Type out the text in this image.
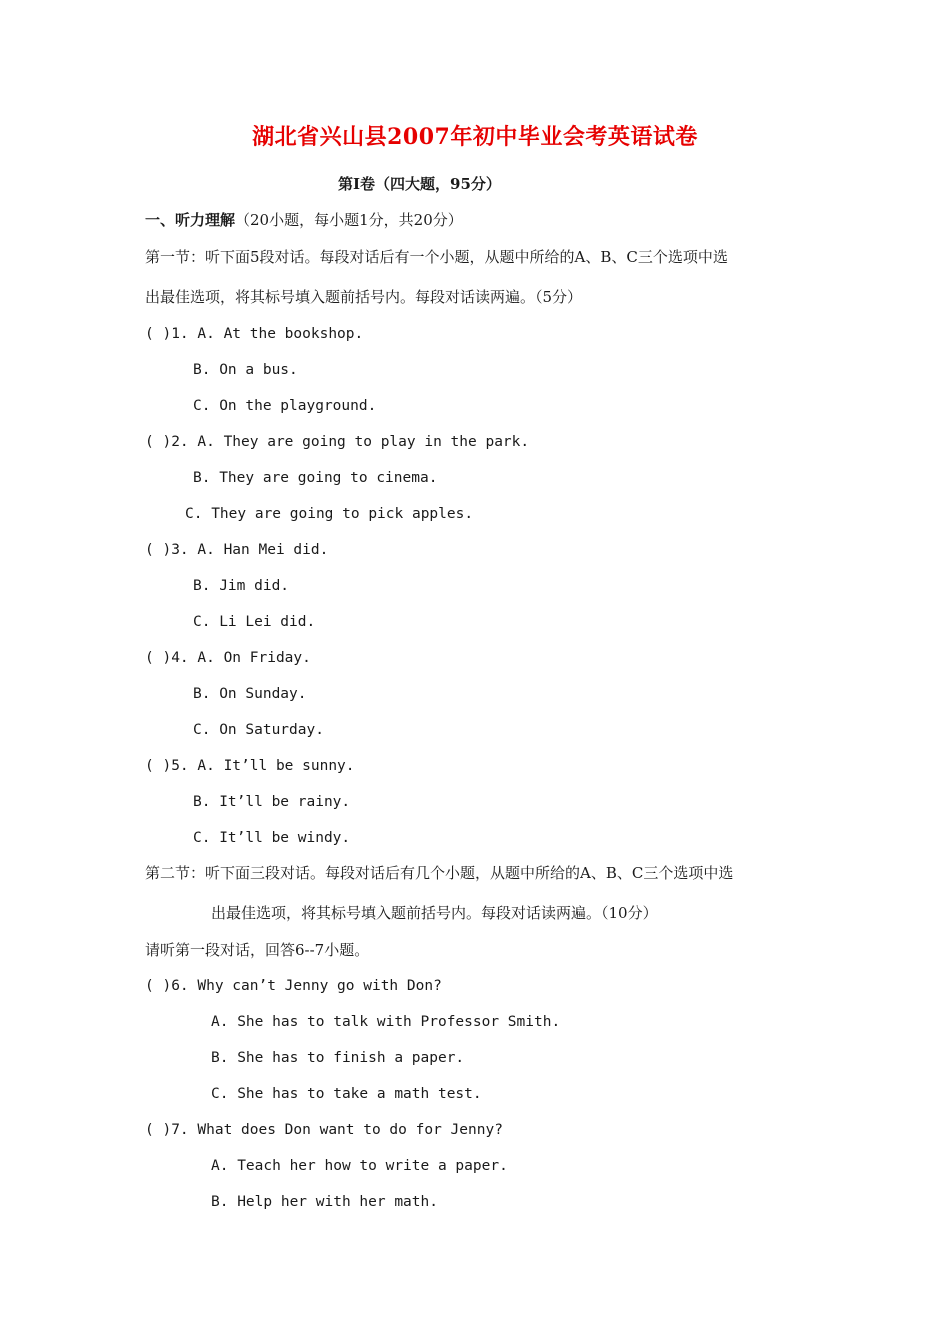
湖北省兴山县2007年初中毕业会考英语试卷
第Ⅰ卷（四大题，95分）
一、听力理解（20小题，每小题1分，共20分）
第一节：听下面5段对话。每段对话后有一个小题，从题中所给的A、B、C三个选项中选
出最佳选项，将其标号填入题前括号内。每段对话读两遍。（5分）
( )1. A. At the bookshop.
B. On a bus.
C. On the playground.
( )2. A. They are going to play in the park.
B. They are going to cinema.
C. They are going to pick apples.
( )3. A. Han Mei did.
B. Jim did.
C. Li Lei did.
( )4. A. On Friday.
B. On Sunday.
C. On Saturday.
( )5. A. It’ll be sunny.
B. It’ll be rainy.
C. It’ll be windy.
第二节：听下面三段对话。每段对话后有几个小题，从题中所给的A、B、C三个选项中选
出最佳选项，将其标号填入题前括号内。每段对话读两遍。（10分）
请听第一段对话，回答6--7小题。
( )6. Why can’t Jenny go with Don?
A. She has to talk with Professor Smith.
B. She has to finish a paper.
C. She has to take a math test.
( )7. What does Don want to do for Jenny?
A. Teach her how to write a paper.
B. Help her with her math.
